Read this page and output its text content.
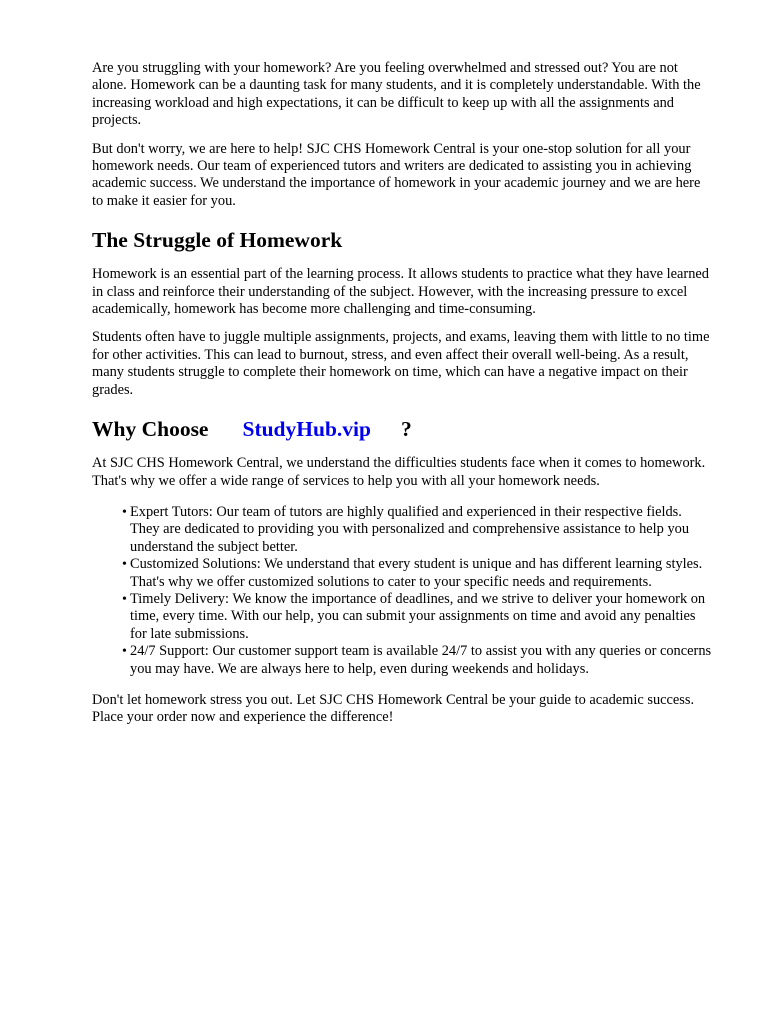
Are you struggling with your homework? Are you feeling overwhelmed and stressed out? You are not alone. Homework can be a daunting task for many students, and it is completely understandable. With the increasing workload and high expectations, it can be difficult to keep up with all the assignments and projects.

But don't worry, we are here to help! SJC CHS Homework Central is your one-stop solution for all your homework needs. Our team of experienced tutors and writers are dedicated to assisting you in achieving academic success. We understand the importance of homework in your academic journey and we are here to make it easier for you.

The Struggle of Homework

Homework is an essential part of the learning process. It allows students to practice what they have learned in class and reinforce their understanding of the subject. However, with the increasing pressure to excel academically, homework has become more challenging and time-consuming.

Students often have to juggle multiple assignments, projects, and exams, leaving them with little to no time for other activities. This can lead to burnout, stress, and even affect their overall well-being. As a result, many students struggle to complete their homework on time, which can have a negative impact on their grades.

Why Choose StudyHub.vip ?

At SJC CHS Homework Central, we understand the difficulties students face when it comes to homework. That's why we offer a wide range of services to help you with all your homework needs.

• Expert Tutors: Our team of tutors are highly qualified and experienced in their respective fields. They are dedicated to providing you with personalized and comprehensive assistance to help you understand the subject better.
• Customized Solutions: We understand that every student is unique and has different learning styles. That's why we offer customized solutions to cater to your specific needs and requirements.
• Timely Delivery: We know the importance of deadlines, and we strive to deliver your homework on time, every time. With our help, you can submit your assignments on time and avoid any penalties for late submissions.
• 24/7 Support: Our customer support team is available 24/7 to assist you with any queries or concerns you may have. We are always here to help, even during weekends and holidays.

Don't let homework stress you out. Let SJC CHS Homework Central be your guide to academic success. Place your order now and experience the difference!
